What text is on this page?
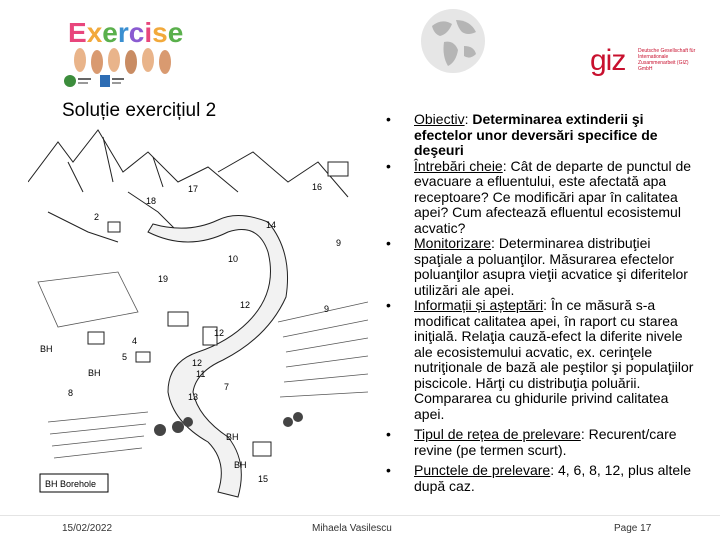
Exercise
giz	Deutsche Gesellschaft für Internationale Zusammenarbeit (GIZ) GmbH
Soluție exercițiul 2
18
17
2
9
9
12
12
4
5
7
12
11
10
14
16
8	13
15
19
BH
BH
BH
BH
BH Borehole
• Obiectiv: Determinarea extinderii şi efectelor unor deversări specifice de deşeuri
• Întrebări cheie: Cât de departe de punctul de evacuare a efluentului, este afectată apa receptoare? Ce modificări apar în calitatea apei? Cum afectează efluentul ecosistemul acvatic?
• Monitorizare: Determinarea distribuţiei spaţiale a poluanţilor. Măsurarea efectelor poluanţilor asupra vieţii acvatice şi diferitelor utilizări ale apei.
• Informații și așteptări: În ce măsură s-a modificat calitatea apei, în raport cu starea iniţială. Relaţia cauză-efect la diferite nivele ale ecosistemului acvatic, ex. cerinţele nutriţionale de bază ale peştilor şi populaţiilor piscicole. Hărţi cu distribuţia poluării. Compararea cu ghidurile privind calitatea apei.
• Tipul de rețea de prelevare: Recurent/care revine (pe termen scurt).
• Punctele de prelevare: 4, 6, 8, 12, plus altele după caz.
15/02/2022	Mihaela Vasilescu	Page 17
